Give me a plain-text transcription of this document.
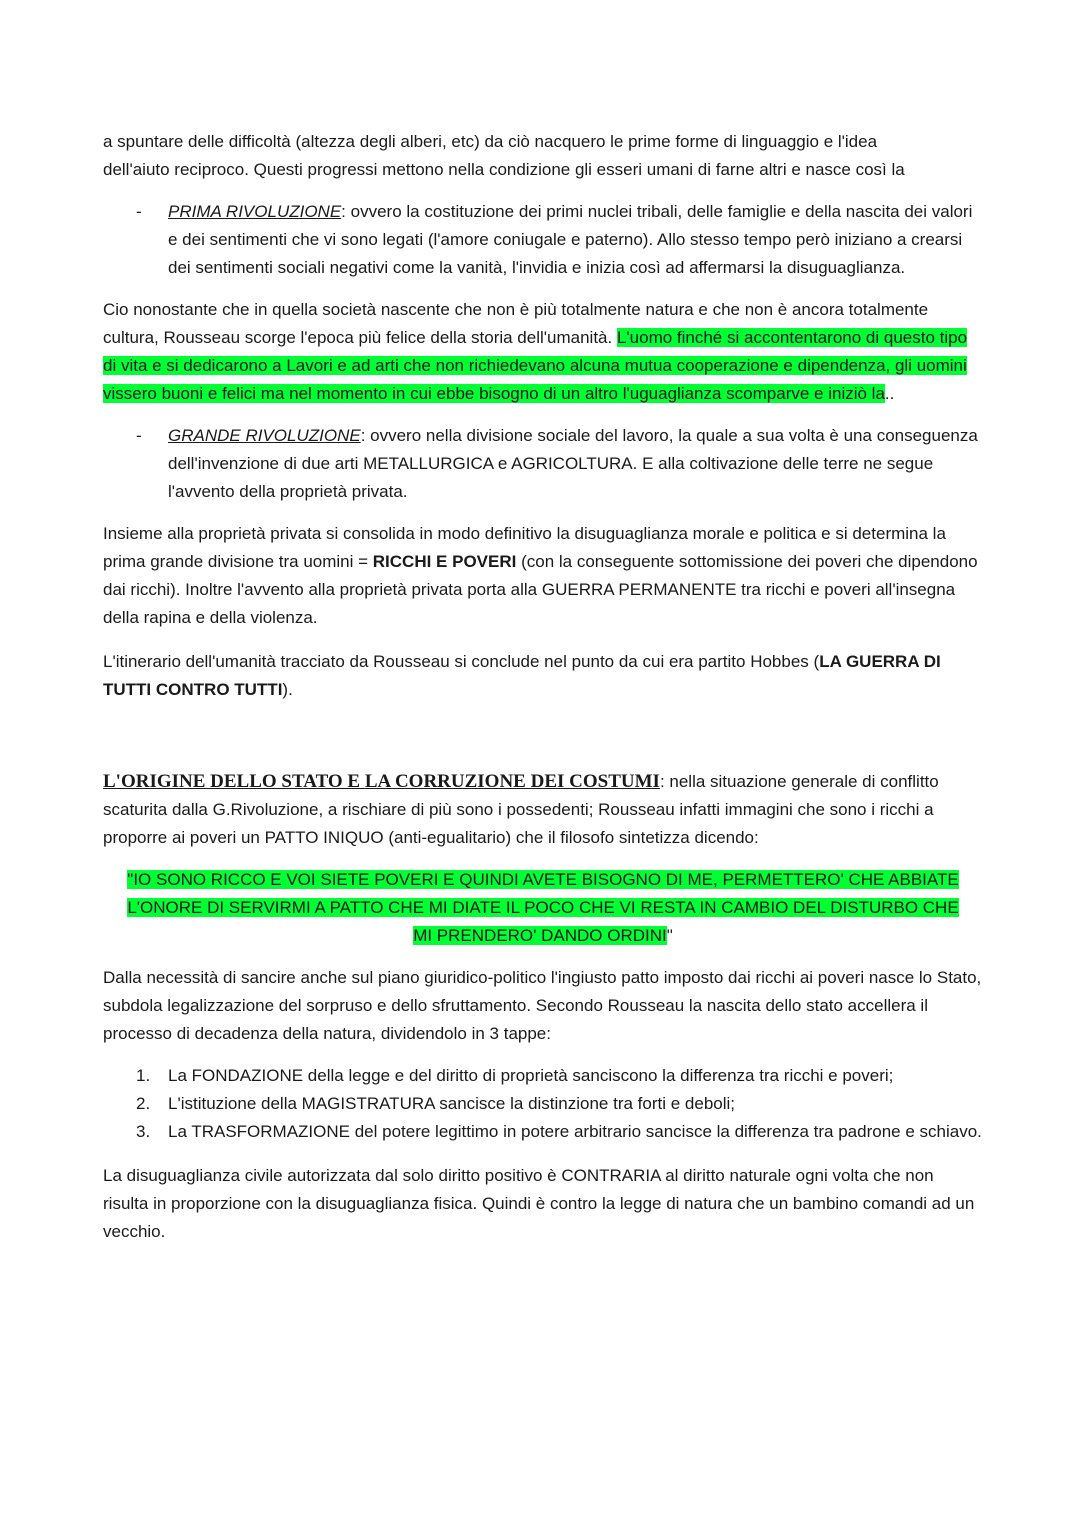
a spuntare delle difficoltà (altezza degli alberi, etc) da ciò nacquero le prime forme di linguaggio e l'idea
dell'aiuto reciproco. Questi progressi mettono nella condizione gli esseri umani di farne altri e nasce così la

- PRIMA RIVOLUZIONE: ovvero la costituzione dei primi nuclei tribali, delle famiglie e della nascita dei valori e dei sentimenti che vi sono legati (l'amore coniugale e paterno). Allo stesso tempo però iniziano a crearsi dei sentimenti sociali negativi come la vanità, l'invidia e inizia così ad affermarsi la disuguaglianza.

Cio nonostante che in quella società nascente che non è più totalmente natura e che non è ancora totalmente cultura, Rousseau scorge l'epoca più felice della storia dell'umanità. L'uomo finché si accontentarono di questo tipo di vita e si dedicarono a Lavori e ad arti che non richiedevano alcuna mutua cooperazione e dipendenza, gli uomini vissero buoni e felici ma nel momento in cui ebbe bisogno di un altro l'uguaglianza scomparve e iniziò la..

- GRANDE RIVOLUZIONE: ovvero nella divisione sociale del lavoro, la quale a sua volta è una conseguenza dell'invenzione di due arti METALLURGICA e AGRICOLTURA. E alla coltivazione delle terre ne segue l'avvento della proprietà privata.

Insieme alla proprietà privata si consolida in modo definitivo la disuguaglianza morale e politica e si determina la prima grande divisione tra uomini = RICCHI E POVERI (con la conseguente sottomissione dei poveri che dipendono dai ricchi). Inoltre l'avvento alla proprietà privata porta alla GUERRA PERMANENTE tra ricchi e poveri all'insegna della rapina e della violenza.

L'itinerario dell'umanità tracciato da Rousseau si conclude nel punto da cui era partito Hobbes (LA GUERRA DI TUTTI CONTRO TUTTI).

L'ORIGINE DELLO STATO E LA CORRUZIONE DEI COSTUMI: nella situazione generale di conflitto scaturita dalla G.Rivoluzione, a rischiare di più sono i possedenti; Rousseau infatti immagini che sono i ricchi a proporre ai poveri un PATTO INIQUO (anti-egualitario) che il filosofo sintetizza dicendo:

"IO SONO RICCO E VOI SIETE POVERI E QUINDI AVETE BISOGNO DI ME, PERMETTERO' CHE ABBIATE L'ONORE DI SERVIRMI A PATTO CHE MI DIATE IL POCO CHE VI RESTA IN CAMBIO DEL DISTURBO CHE MI PRENDERO' DANDO ORDINI"

Dalla necessità di sancire anche sul piano giuridico-politico l'ingiusto patto imposto dai ricchi ai poveri nasce lo Stato, subdola legalizzazione del sorpruso e dello sfruttamento. Secondo Rousseau la nascita dello stato accellera il processo di decadenza della natura, dividendolo in 3 tappe:

1. La FONDAZIONE della legge e del diritto di proprietà sanciscono la differenza tra ricchi e poveri;
2. L'istituzione della MAGISTRATURA sancisce la distinzione tra forti e deboli;
3. La TRASFORMAZIONE del potere legittimo in potere arbitrario sancisce la differenza tra padrone e schiavo.

La disuguaglianza civile autorizzata dal solo diritto positivo è CONTRARIA al diritto naturale ogni volta che non risulta in proporzione con la disuguaglianza fisica. Quindi è contro la legge di natura che un bambino comandi ad un vecchio.
